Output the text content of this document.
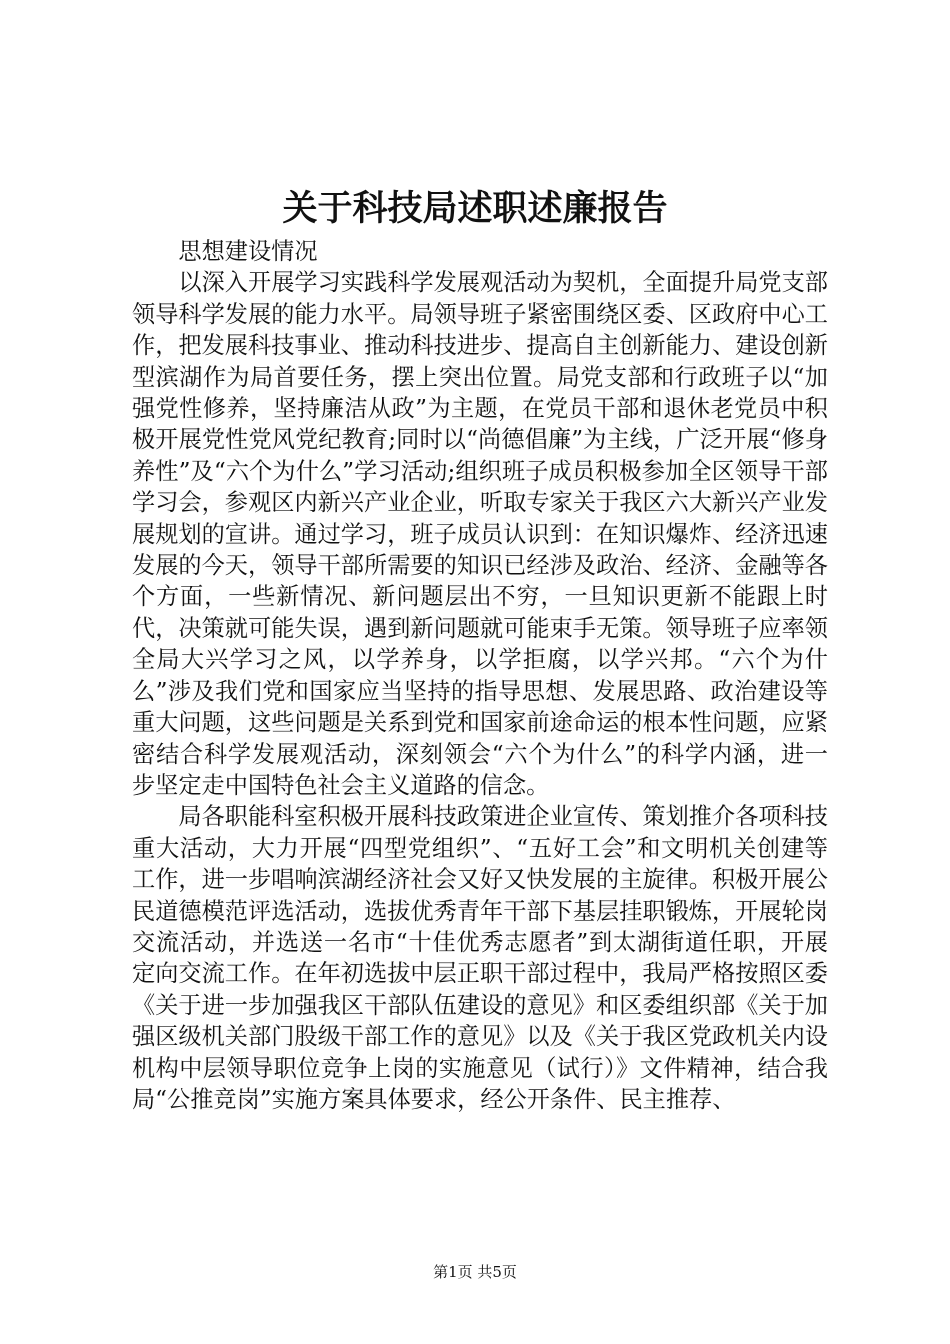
关于科技局述职述廉报告

思想建设情况

以深入开展学习实践科学发展观活动为契机，全面提升局党支部领导科学发展的能力水平。局领导班子紧密围绕区委、区政府中心工作，把发展科技事业、推动科技进步、提高自主创新能力、建设创新型滨湖作为局首要任务，摆上突出位置。局党支部和行政班子以“加强党性修养，坚持廉洁从政”为主题，在党员干部和退休老党员中积极开展党性党风党纪教育;同时以“尚德倡廉”为主线，广泛开展“修身养性”及“六个为什么”学习活动;组织班子成员积极参加全区领导干部学习会，参观区内新兴产业企业，听取专家关于我区六大新兴产业发展规划的宣讲。通过学习，班子成员认识到：在知识爆炸、经济迅速发展的今天，领导干部所需要的知识已经涉及政治、经济、金融等各个方面，一些新情况、新问题层出不穷，一旦知识更新不能跟上时代，决策就可能失误，遇到新问题就可能束手无策。领导班子应率领全局大兴学习之风，以学养身，以学拒腐，以学兴邦。“六个为什么”涉及我们党和国家应当坚持的指导思想、发展思路、政治建设等重大问题，这些问题是关系到党和国家前途命运的根本性问题，应紧密结合科学发展观活动，深刻领会“六个为什么”的科学内涵，进一步坚定走中国特色社会主义道路的信念。

局各职能科室积极开展科技政策进企业宣传、策划推介各项科技重大活动，大力开展“四型党组织”、“五好工会”和文明机关创建等工作，进一步唱响滨湖经济社会又好又快发展的主旋律。积极开展公民道德模范评选活动，选拔优秀青年干部下基层挂职锻炼，开展轮岗交流活动，并选送一名市“十佳优秀志愿者”到太湖街道任职，开展定向交流工作。在年初选拔中层正职干部过程中，我局严格按照区委《关于进一步加强我区干部队伍建设的意见》和区委组织部《关于加强区级机关部门股级干部工作的意见》以及《关于我区党政机关内设机构中层领导职位竞争上岗的实施意见（试行）》文件精神，结合我局“公推竞岗”实施方案具体要求，经公开条件、民主推荐、

第1页 共5页
